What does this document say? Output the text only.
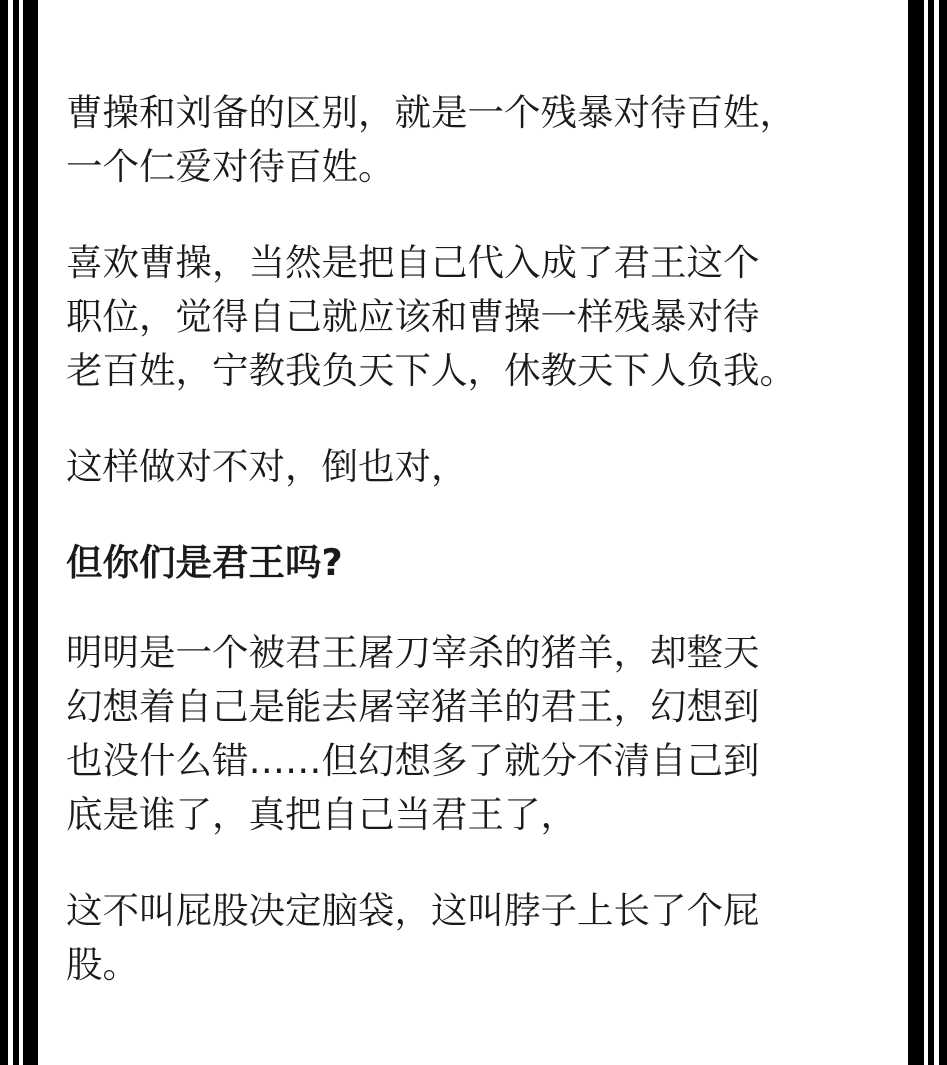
曹操和刘备的区别，就是一个残暴对待百姓，
一个仁爱对待百姓。

喜欢曹操，当然是把自己代入成了君王这个
职位，觉得自己就应该和曹操一样残暴对待
老百姓，宁教我负天下人，休教天下人负我。

这样做对不对，倒也对，

但你们是君王吗?

明明是一个被君王屠刀宰杀的猪羊，却整天
幻想着自己是能去屠宰猪羊的君王，幻想到
也没什么错……但幻想多了就分不清自己到
底是谁了，真把自己当君王了，

这不叫屁股决定脑袋，这叫脖子上长了个屁
股。
